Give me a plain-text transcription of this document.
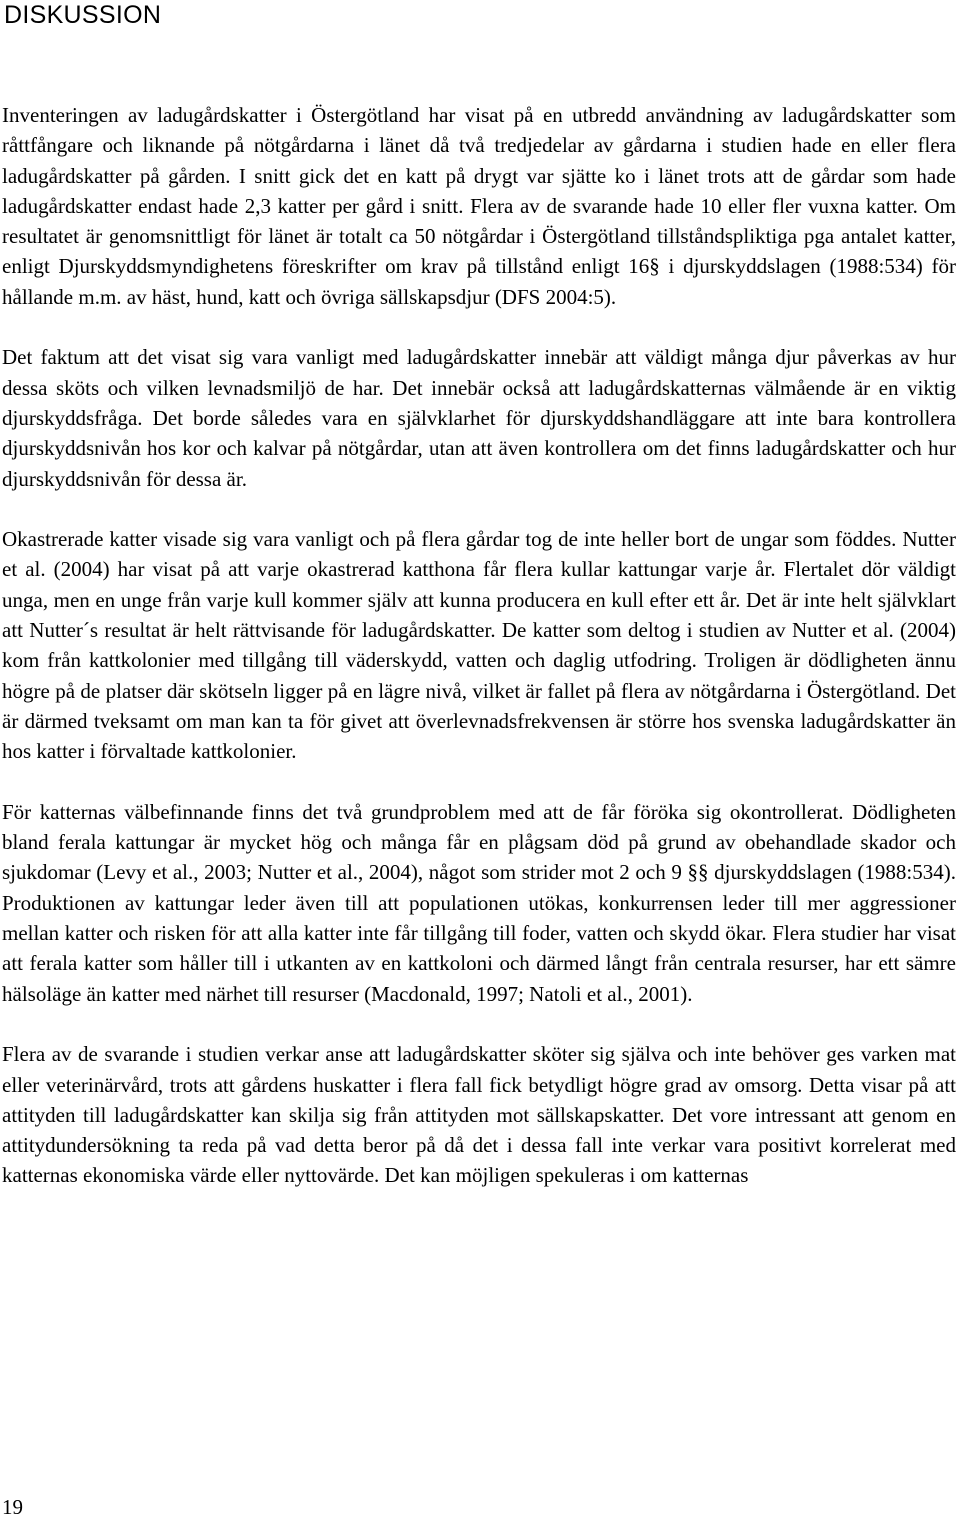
DISKUSSION

Inventeringen av ladugårdskatter i Östergötland har visat på en utbredd användning av ladugårdskatter som råttfångare och liknande på nötgårdarna i länet då två tredjedelar av gårdarna i studien hade en eller flera ladugårdskatter på gården. I snitt gick det en katt på drygt var sjätte ko i länet trots att de gårdar som hade ladugårdskatter endast hade 2,3 katter per gård i snitt. Flera av de svarande hade 10 eller fler vuxna katter. Om resultatet är genomsnittligt för länet är totalt ca 50 nötgårdar i Östergötland tillståndspliktiga pga antalet katter, enligt Djurskyddsmyndighetens föreskrifter om krav på tillstånd enligt 16§ i djurskyddslagen (1988:534) för hållande m.m. av häst, hund, katt och övriga sällskapsdjur (DFS 2004:5).

Det faktum att det visat sig vara vanligt med ladugårdskatter innebär att väldigt många djur påverkas av hur dessa sköts och vilken levnadsmiljö de har. Det innebär också att ladugårdskatternas välmående är en viktig djurskyddsfråga. Det borde således vara en självklarhet för djurskyddshandläggare att inte bara kontrollera djurskyddsnivån hos kor och kalvar på nötgårdar, utan att även kontrollera om det finns ladugårdskatter och hur djurskyddsnivån för dessa är.

Okastrerade katter visade sig vara vanligt och på flera gårdar tog de inte heller bort de ungar som föddes. Nutter et al. (2004) har visat på att varje okastrerad katthona får flera kullar kattungar varje år. Flertalet dör väldigt unga, men en unge från varje kull kommer själv att kunna producera en kull efter ett år. Det är inte helt självklart att Nutter´s resultat är helt rättvisande för ladugårdskatter. De katter som deltog i studien av Nutter et al. (2004) kom från kattkolonier med tillgång till väderskydd, vatten och daglig utfodring. Troligen är dödligheten ännu högre på de platser där skötseln ligger på en lägre nivå, vilket är fallet på flera av nötgårdarna i Östergötland. Det är därmed tveksamt om man kan ta för givet att överlevnadsfrekvensen är större hos svenska ladugårdskatter än hos katter i förvaltade kattkolonier.

För katternas välbefinnande finns det två grundproblem med att de får föröka sig okontrollerat. Dödligheten bland ferala kattungar är mycket hög och många får en plågsam död på grund av obehandlade skador och sjukdomar (Levy et al., 2003; Nutter et al., 2004), något som strider mot 2 och 9 §§ djurskyddslagen (1988:534). Produktionen av kattungar leder även till att populationen utökas, konkurrensen leder till mer aggressioner mellan katter och risken för att alla katter inte får tillgång till foder, vatten och skydd ökar. Flera studier har visat att ferala katter som håller till i utkanten av en kattkoloni och därmed långt från centrala resurser, har ett sämre hälsoläge än katter med närhet till resurser (Macdonald, 1997; Natoli et al., 2001).

Flera av de svarande i studien verkar anse att ladugårdskatter sköter sig själva och inte behöver ges varken mat eller veterinärvård, trots att gårdens huskatter i flera fall fick betydligt högre grad av omsorg. Detta visar på att attityden till ladugårdskatter kan skilja sig från attityden mot sällskapskatter. Det vore intressant att genom en attitydundersökning ta reda på vad detta beror på då det i dessa fall inte verkar vara positivt korrelerat med katternas ekonomiska värde eller nyttovärde. Det kan möjligen spekuleras i om katternas

19
